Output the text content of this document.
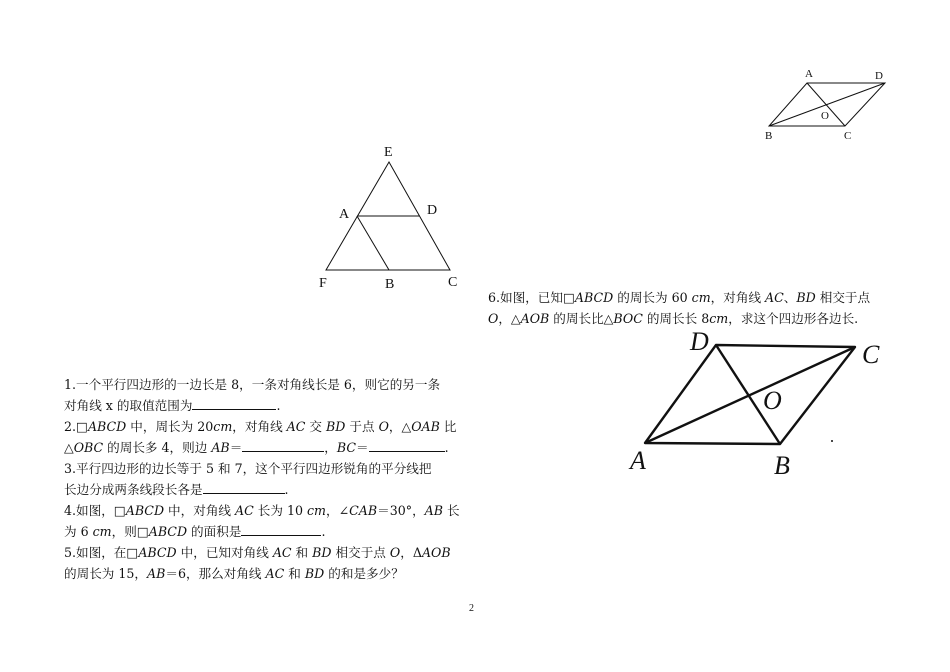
A	D
B	C
O
E
A	D
F	B	C
6.如图，已知□ABCD 的周长为 60 cm，对角线 AC、BD 相交于点
O，△AOB 的周长比△BOC 的周长长 8cm，求这个四边形各边长.
D	C
O
A	B
1.一个平行四边形的一边长是 8，一条对角线长是 6，则它的另一条
对角线 x 的取值范围为	.
2.□ABCD 中，周长为 20cm，对角线 AC 交 BD 于点 O，△OAB 比
△OBC 的周长多 4，则边 AB＝	，BC＝	.
3.平行四边形的边长等于 5 和 7，这个平行四边形锐角的平分线把
长边分成两条线段长各是	.
4.如图，□ABCD 中，对角线 AC 长为 10 cm，∠CAB＝30°，AB 长
为 6 cm，则□ABCD 的面积是	.
5.如图，在□ABCD 中，已知对角线 AC 和 BD 相交于点 O，ΔAOB
的周长为 15，AB＝6，那么对角线 AC 和 BD 的和是多少？
2
